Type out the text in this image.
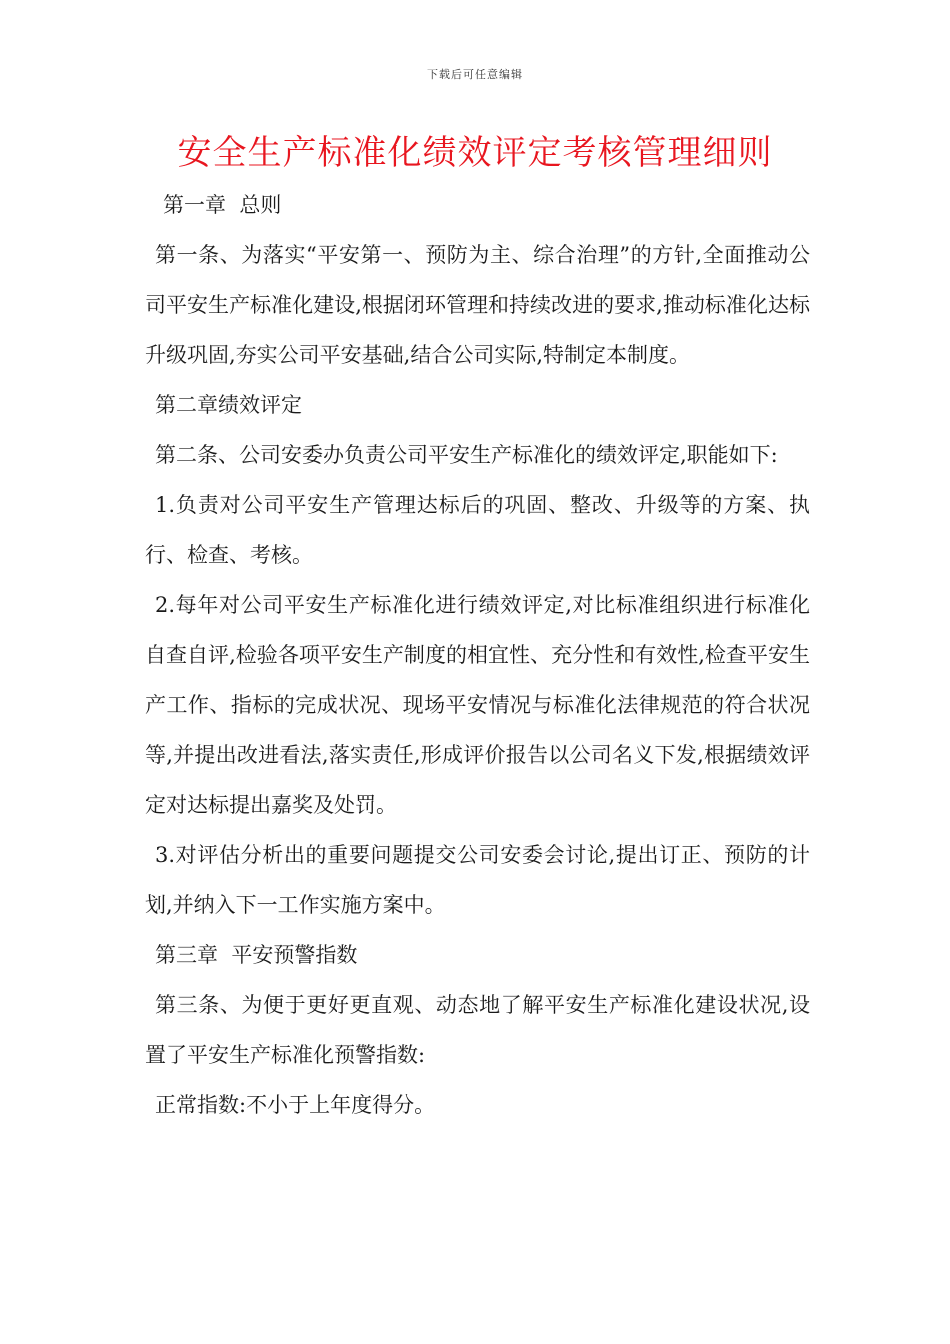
下载后可任意编辑
安全生产标准化绩效评定考核管理细则

第一章  总则

第一条、为落实“平安第一、预防为主、综合治理”的方针,全面推动公司平安生产标准化建设,根据闭环管理和持续改进的要求,推动标准化达标升级巩固,夯实公司平安基础,结合公司实际,特制定本制度。

第二章绩效评定

第二条、公司安委办负责公司平安生产标准化的绩效评定,职能如下:

1.负责对公司平安生产管理达标后的巩固、整改、升级等的方案、执行、检查、考核。

2.每年对公司平安生产标准化进行绩效评定,对比标准组织进行标准化自查自评,检验各项平安生产制度的相宜性、充分性和有效性,检查平安生产工作、指标的完成状况、现场平安情况与标准化法律规范的符合状况等,并提出改进看法,落实责任,形成评价报告以公司名义下发,根据绩效评定对达标提出嘉奖及处罚。

3.对评估分析出的重要问题提交公司安委会讨论,提出订正、预防的计划,并纳入下一工作实施方案中。

第三章  平安预警指数

第三条、为便于更好更直观、动态地了解平安生产标准化建设状况,设置了平安生产标准化预警指数:

正常指数:不小于上年度得分。
